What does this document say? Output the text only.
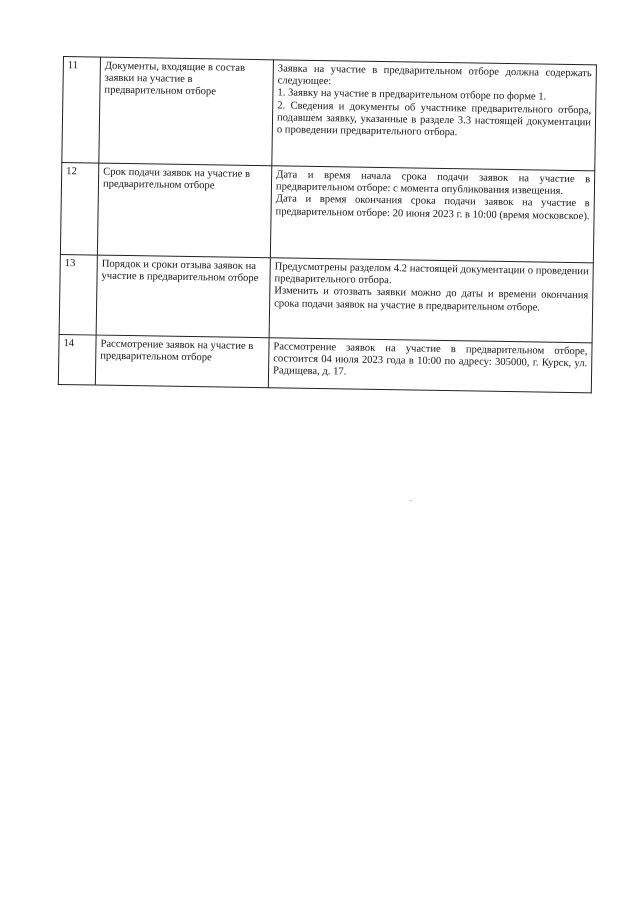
11	Документы, входящие в состав заявки на участие в предварительном отборе	Заявка на участие в предварительном отборе должна содержать следующее:
1. Заявку на участие в предварительном отборе по форме 1.
2. Сведения и документы об участнике предварительного отбора, подавшем заявку, указанные в разделе 3.3 настоящей документации о проведении предварительного отбора.

12	Срок подачи заявок на участие в предварительном отборе	Дата и время начала срока подачи заявок на участие в предварительном отборе: с момента опубликования извещения.
Дата и время окончания срока подачи заявок на участие в предварительном отборе: 20 июня 2023 г. в 10:00 (время московское).

13	Порядок и сроки отзыва заявок на участие в предварительном отборе	Предусмотрены разделом 4.2 настоящей документации о проведении предварительного отбора.
Изменить и отозвать заявки можно до даты и времени окончания срока подачи заявок на участие в предварительном отборе.

14	Рассмотрение заявок на участие в предварительном отборе	Рассмотрение заявок на участие в предварительном отборе, состоится 04 июля 2023 года в 10:00 по адресу: 305000, г. Курск, ул. Радищева, д. 17.
